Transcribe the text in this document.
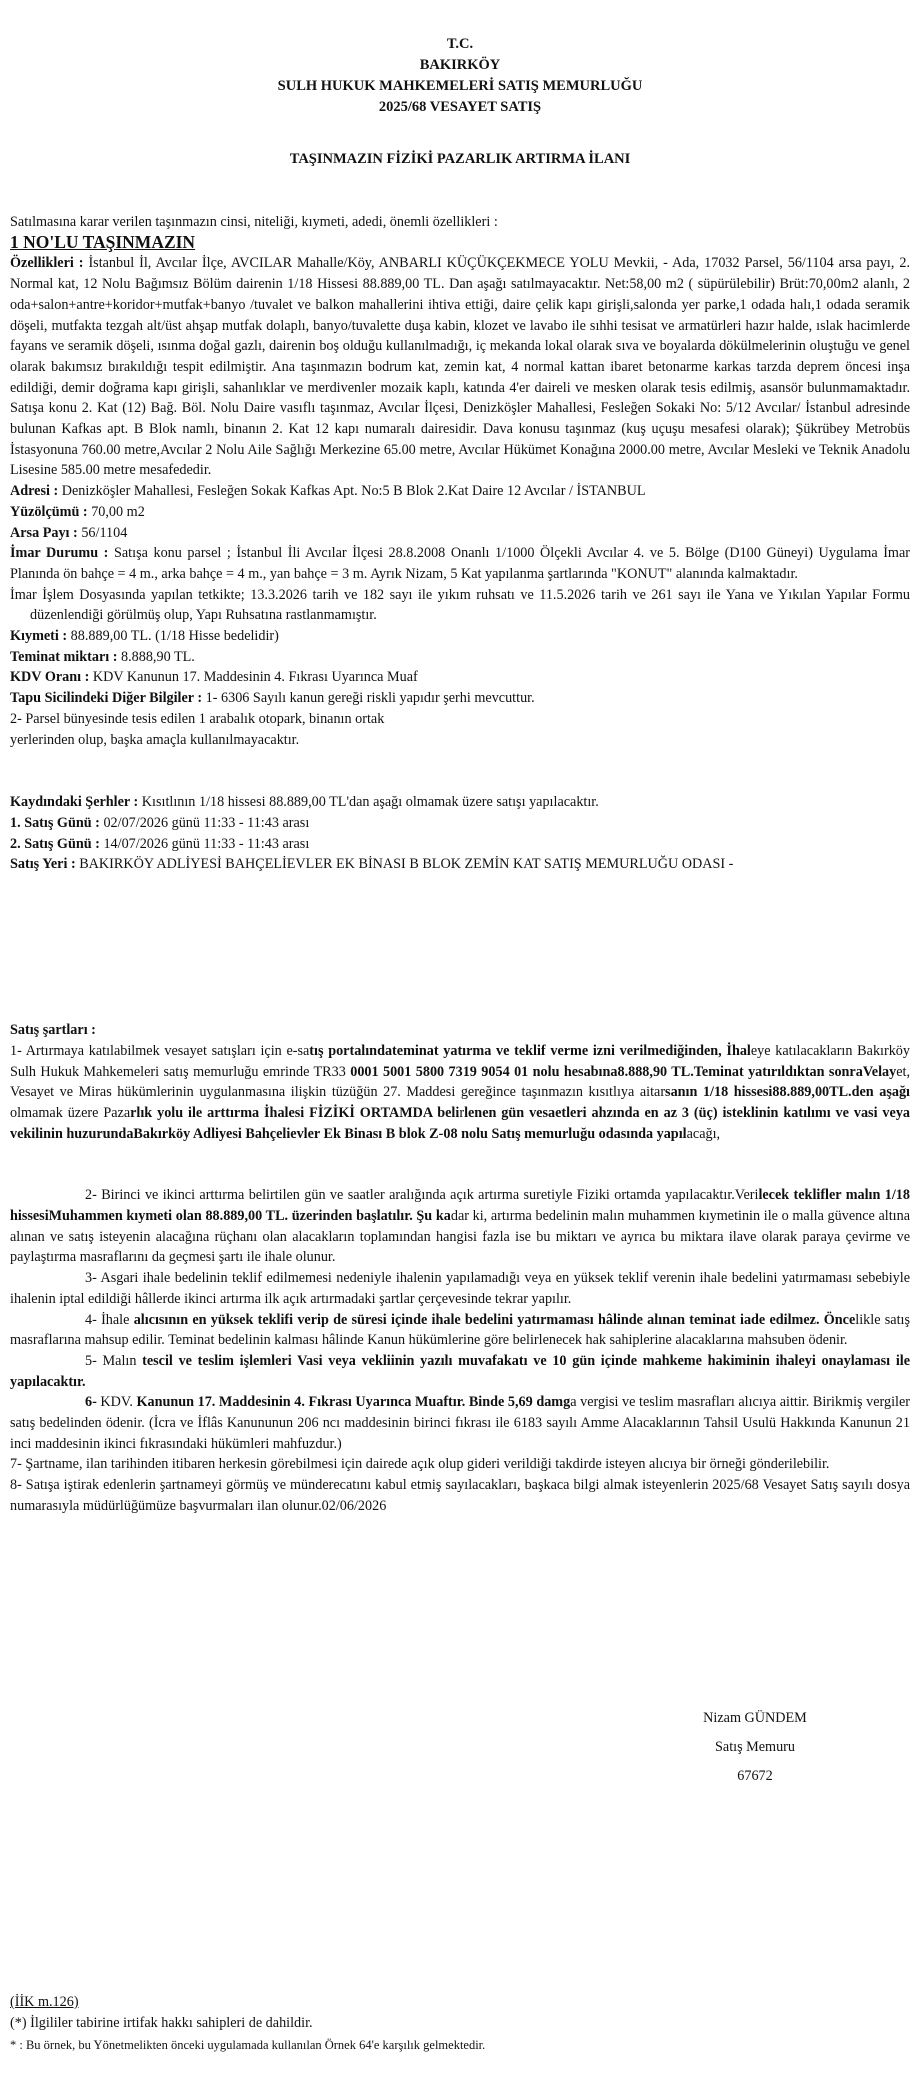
T.C.
BAKIRKÖY
SULH HUKUK MAHKEMELERİ SATIŞ MEMURLUĞU
2025/68 VESAYET SATIŞ
TAŞINMAZIN FİZİKİ PAZARLIK ARTIRMA İLANI
Satılmasına karar verilen taşınmazın cinsi, niteliği, kıymeti, adedi, önemli özellikleri :
1 NO'LU TAŞINMAZIN
Özellikleri : İstanbul İl, Avcılar İlçe, AVCILAR Mahalle/Köy, ANBARLI KÜÇÜKÇEKMECE YOLU Mevkii, - Ada, 17032 Parsel, 56/1104 arsa payı, 2. Normal kat, 12 Nolu Bağımsız Bölüm dairenin 1/18 Hissesi 88.889,00 TL. Dan aşağı satılmayacaktır. Net:58,00 m2 ( süpürülebilir) Brüt:70,00m2 alanlı, 2 oda+salon+antre+koridor+mutfak+banyo /tuvalet ve balkon mahallerini ihtiva ettiği, daire çelik kapı girişli,salonda yer parke,1 odada halı,1 odada seramik döşeli, mutfakta tezgah alt/üst ahşap mutfak dolaplı, banyo/tuvalette duşa kabin, klozet ve lavabo ile sıhhi tesisat ve armatürleri hazır halde, ıslak hacimlerde fayans ve seramik döşeli, ısınma doğal gazlı, dairenin boş olduğu kullanılmadığı, iç mekanda lokal olarak sıva ve boyalarda dökülmelerinin oluştuğu ve genel olarak bakımsız bırakıldığı tespit edilmiştir. Ana taşınmazın bodrum kat, zemin kat, 4 normal kattan ibaret betonarme karkas tarzda deprem öncesi inşa edildiği, demir doğrama kapı girişli, sahanlıklar ve merdivenler mozaik kaplı, katında 4'er daireli ve mesken olarak tesis edilmiş, asansör bulunmamaktadır. Satışa konu 2. Kat (12) Bağ. Böl. Nolu Daire vasıflı taşınmaz, Avcılar İlçesi, Denizköşler Mahallesi, Fesleğen Sokaki No: 5/12 Avcılar/ İstanbul adresinde bulunan Kafkas apt. B Blok namlı, binanın 2. Kat 12 kapı numaralı dairesidir. Dava konusu taşınmaz (kuş uçuşu mesafesi olarak); Şükrübey Metrobüs İstasyonuna 760.00 metre,Avcılar 2 Nolu Aile Sağlığı Merkezine 65.00 metre, Avcılar Hükümet Konağına 2000.00 metre, Avcılar Mesleki ve Teknik Anadolu Lisesine 585.00 metre mesafededir.
Adresi : Denizköşler Mahallesi, Fesleğen Sokak Kafkas Apt. No:5 B Blok 2.Kat Daire 12 Avcılar / İSTANBUL
Yüzölçümü : 70,00 m2
Arsa Payı : 56/1104
İmar Durumu : Satışa konu parsel ; İstanbul İli Avcılar İlçesi 28.8.2008 Onanlı 1/1000 Ölçekli Avcılar 4. ve 5. Bölge (D100 Güneyi) Uygulama İmar Planında ön bahçe = 4 m., arka bahçe = 4 m., yan bahçe = 3 m. Ayrık Nizam, 5 Kat yapılanma şartlarında "KONUT" alanında kalmaktadır.
İmar İşlem Dosyasında yapılan tetkikte; 13.3.2026 tarih ve 182 sayı ile yıkım ruhsatı ve 11.5.2026 tarih ve 261 sayı ile Yana ve Yıkılan Yapılar Formu düzenlendiği görülmüş olup, Yapı Ruhsatına rastlanmamıştır.
Kıymeti : 88.889,00 TL. (1/18 Hisse bedelidir)
Teminat miktarı : 8.888,90 TL.
KDV Oranı : KDV Kanunun 17. Maddesinin 4. Fıkrası Uyarınca Muaf
Tapu Sicilindeki Diğer Bilgiler : 1- 6306 Sayılı kanun gereği riskli yapıdır şerhi mevcuttur.
2- Parsel bünyesinde tesis edilen 1 arabalık otopark, binanın ortak
yerlerinden olup, başka amaçla kullanılmayacaktır.
Kaydındaki Şerhler : Kısıtlının 1/18 hissesi 88.889,00 TL'dan aşağı olmamak üzere satışı yapılacaktır.
1. Satış Günü : 02/07/2026 günü 11:33 - 11:43 arası
2. Satış Günü : 14/07/2026 günü 11:33 - 11:43 arası
Satış Yeri : BAKIRKÖY ADLİYESİ BAHÇELİEVLER EK BİNASI B BLOK ZEMİN KAT SATIŞ MEMURLUĞU ODASI -
Satış şartları :
1- Artırmaya katılabilmek vesayet satışları için e-satış portalındateminat yatırma ve teklif verme izni verilmediğinden, İhaleye katılacakların Bakırköy Sulh Hukuk Mahkemeleri satış memurluğu emrinde TR33 0001 5001 5800 7319 9054 01 nolu hesabına8.888,90 TL.Teminat yatırıldıktan sonraVelayet, Vesayet ve Miras hükümlerinin uygulanmasına ilişkin tüzüğün 27. Maddesi gereğince taşınmazın kısıtlıya aitarsanın 1/18 hissesi88.889,00TL.den aşağı olmamak üzere Pazarlık yolu ile arttırma İhalesi FİZİKİ ORTAMDA belirlenen gün vesaetleri ahzında en az 3 (üç) isteklinin katılımı ve vasi veya vekilinin huzurundaBakırköy Adliyesi Bahçelievler Ek Binası B blok Z-08 nolu Satış memurluğu odasında yapılacağı,
2- Birinci ve ikinci arttırma belirtilen gün ve saatler aralığında açık artırma suretiyle Fiziki ortamda yapılacaktır.Verilecek teklifler malın 1/18 hissesiMuhammen kıymeti olan 88.889,00 TL. üzerinden başlatılır. Şu kadar ki, artırma bedelinin malın muhammen kıymetinin ile o malla güvence altına alınan ve satış isteyenin alacağına rüçhanı olan alacakların toplamından hangisi fazla ise bu miktarı ve ayrıca bu miktara ilave olarak paraya çevirme ve paylaştırma masraflarını da geçmesi şartı ile ihale olunur.
3- Asgari ihale bedelinin teklif edilmemesi nedeniyle ihalenin yapılamadığı veya en yüksek teklif verenin ihale bedelini yatırmaması sebebiyle ihalenin iptal edildiği hâllerde ikinci artırma ilk açık artırmadaki şartlar çerçevesinde tekrar yapılır.
4- İhale alıcısının en yüksek teklifi verip de süresi içinde ihale bedelini yatırmaması hâlinde alınan teminat iade edilmez. Öncelikle satış masraflarına mahsup edilir. Teminat bedelinin kalması hâlinde Kanun hükümlerine göre belirlenecek hak sahiplerine alacaklarına mahsuben ödenir.
5- Malın tescil ve teslim işlemleri Vasi veya vekliinin yazılı muvafakatı ve 10 gün içinde mahkeme hakiminin ihaleyi onaylaması ile yapılacaktır.
6- KDV. Kanunun 17. Maddesinin 4. Fıkrası Uyarınca Muaftır. Binde 5,69 damga vergisi ve teslim masrafları alıcıya aittir. Birikmiş vergiler satış bedelinden ödenir. (İcra ve İflâs Kanununun 206 ncı maddesinin birinci fıkrası ile 6183 sayılı Amme Alacaklarının Tahsil Usulü Hakkında Kanunun 21 inci maddesinin ikinci fıkrasındaki hükümleri mahfuzdur.)
7- Şartname, ilan tarihinden itibaren herkesin görebilmesi için dairede açık olup gideri verildiği takdirde isteyen alıcıya bir örneği gönderilebilir.
8- Satışa iştirak edenlerin şartnameyi görmüş ve münderecatını kabul etmiş sayılacakları, başkaca bilgi almak isteyenlerin 2025/68 Vesayet Satış sayılı dosya numarasıyla müdürlüğümüze başvurmaları ilan olunur.02/06/2026
Nizam GÜNDEM
Satış Memuru
67672
(İİK m.126)
(*) İlgililer tabirine irtifak hakkı sahipleri de dahildir.
* : Bu örnek, bu Yönetmelikten önceki uygulamada kullanılan Örnek 64'e karşılık gelmektedir.
